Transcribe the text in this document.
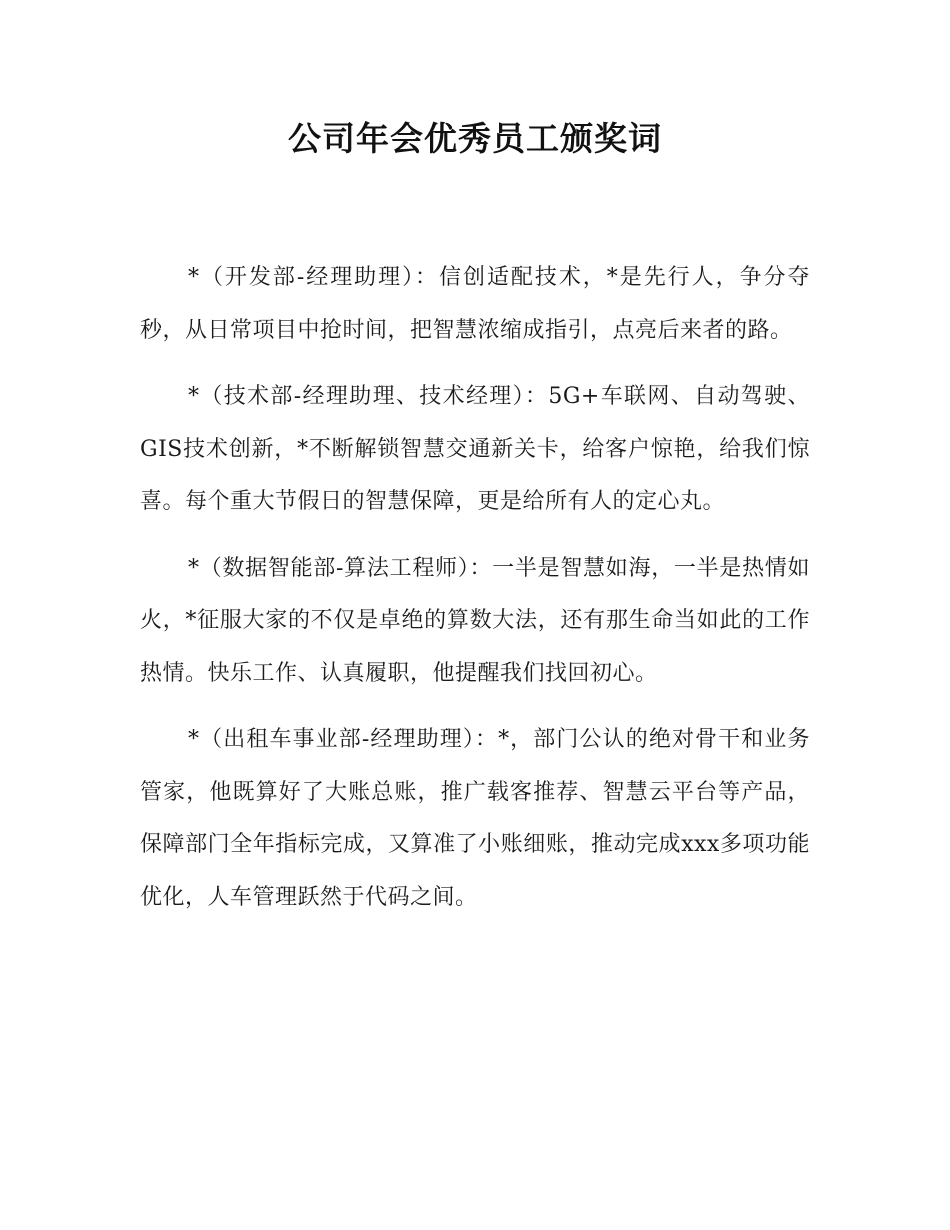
公司年会优秀员工颁奖词

*（开发部-经理助理）：信创适配技术，*是先行人，争分夺秒，从日常项目中抢时间，把智慧浓缩成指引，点亮后来者的路。

*（技术部-经理助理、技术经理）：5G+车联网、自动驾驶、GIS技术创新，*不断解锁智慧交通新关卡，给客户惊艳，给我们惊喜。每个重大节假日的智慧保障，更是给所有人的定心丸。

*（数据智能部-算法工程师）：一半是智慧如海，一半是热情如火，*征服大家的不仅是卓绝的算数大法，还有那生命当如此的工作热情。快乐工作、认真履职，他提醒我们找回初心。

*（出租车事业部-经理助理）：*，部门公认的绝对骨干和业务管家，他既算好了大账总账，推广载客推荐、智慧云平台等产品，保障部门全年指标完成，又算准了小账细账，推动完成xxx多项功能优化，人车管理跃然于代码之间。
